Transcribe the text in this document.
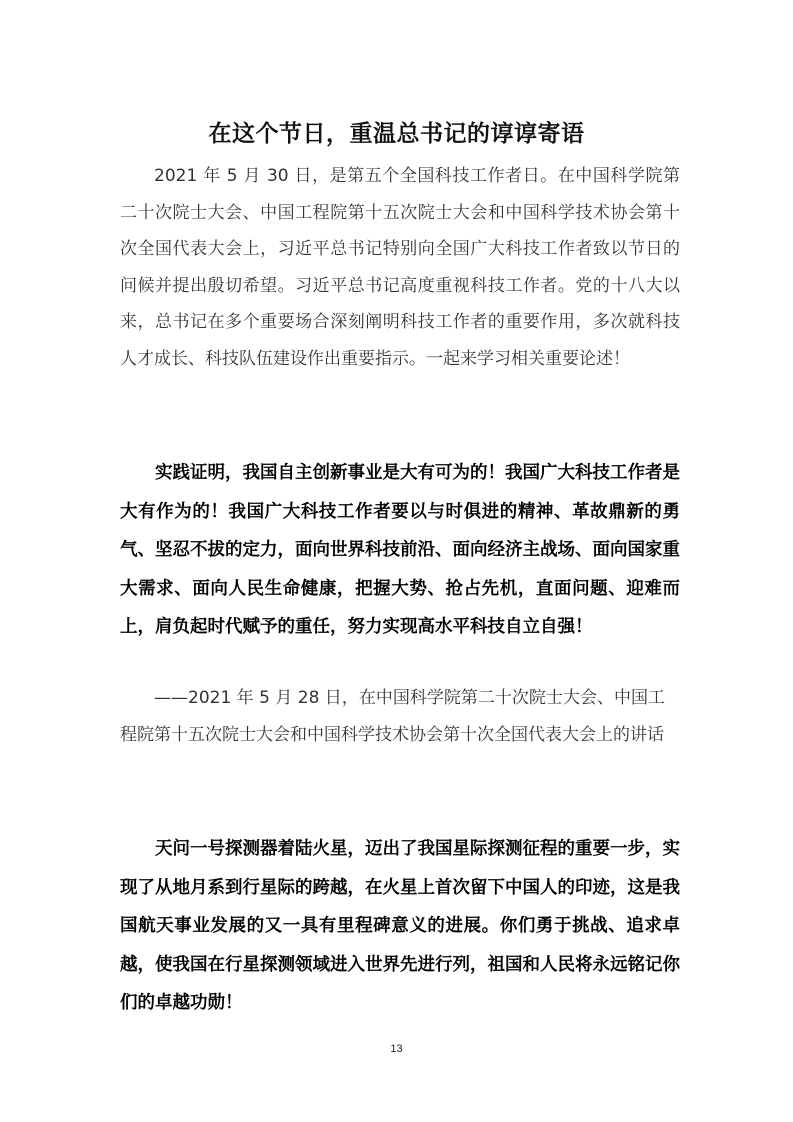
在这个节日，重温总书记的谆谆寄语

2021 年 5 月 30 日，是第五个全国科技工作者日。在中国科学院第二十次院士大会、中国工程院第十五次院士大会和中国科学技术协会第十次全国代表大会上，习近平总书记特别向全国广大科技工作者致以节日的问候并提出殷切希望。习近平总书记高度重视科技工作者。党的十八大以来，总书记在多个重要场合深刻阐明科技工作者的重要作用，多次就科技人才成长、科技队伍建设作出重要指示。一起来学习相关重要论述！

实践证明，我国自主创新事业是大有可为的！我国广大科技工作者是大有作为的！我国广大科技工作者要以与时俱进的精神、革故鼎新的勇气、坚忍不拔的定力，面向世界科技前沿、面向经济主战场、面向国家重大需求、面向人民生命健康，把握大势、抢占先机，直面问题、迎难而上，肩负起时代赋予的重任，努力实现高水平科技自立自强！

——2021 年 5 月 28 日，在中国科学院第二十次院士大会、中国工程院第十五次院士大会和中国科学技术协会第十次全国代表大会上的讲话

天问一号探测器着陆火星，迈出了我国星际探测征程的重要一步，实现了从地月系到行星际的跨越，在火星上首次留下中国人的印迹，这是我国航天事业发展的又一具有里程碑意义的进展。你们勇于挑战、追求卓越，使我国在行星探测领域进入世界先进行列，祖国和人民将永远铭记你们的卓越功勋！

13
